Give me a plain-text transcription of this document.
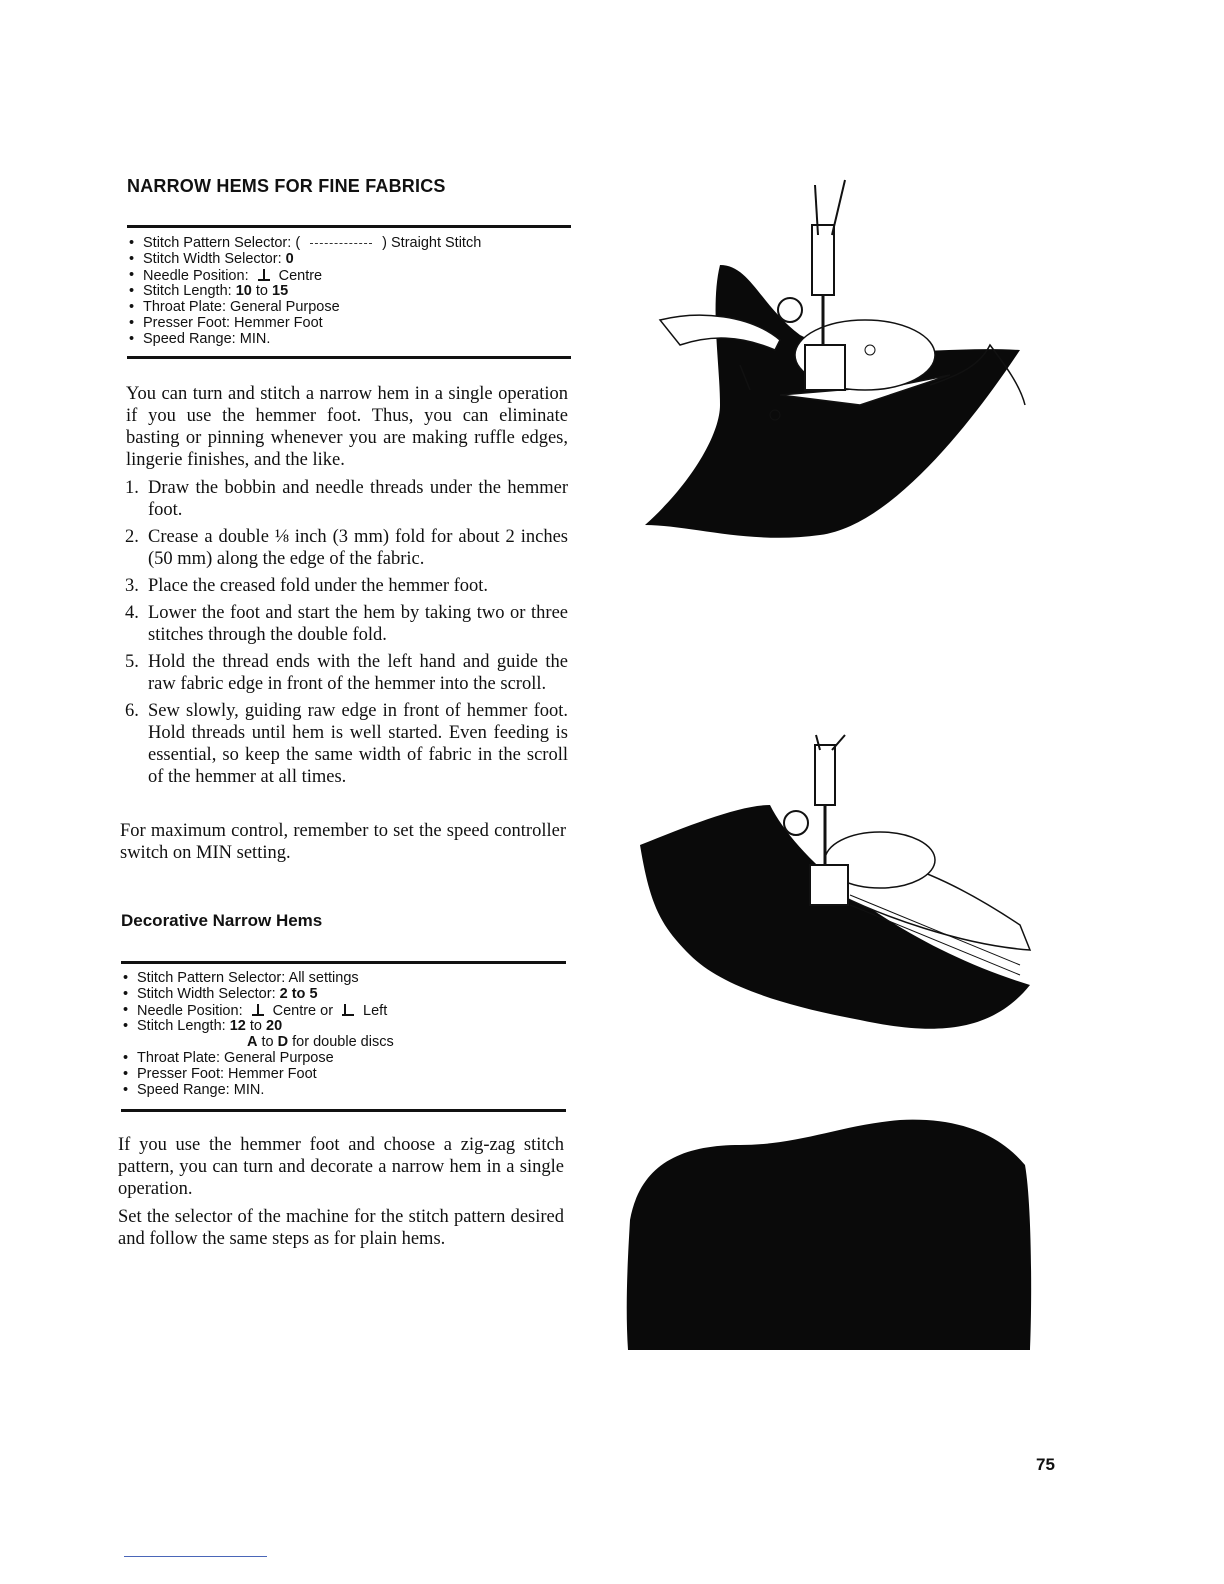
NARROW HEMS FOR FINE FABRICS
• Stitch Pattern Selector: (	) Straight Stitch
• Stitch Width Selector: 0
• Needle Position: Centre
• Stitch Length: 10 to 15
• Throat Plate: General Purpose
• Presser Foot: Hemmer Foot
• Speed Range: MIN.

You can turn and stitch a narrow hem in a single operation if you use the hemmer foot. Thus, you can eliminate basting or pinning whenever you are making ruffle edges, lingerie finishes, and the like.

1. Draw the bobbin and needle threads under the hemmer foot.
2. Crease a double ⅛ inch (3 mm) fold for about 2 inches (50 mm) along the edge of the fabric.
3. Place the creased fold under the hemmer foot.
4. Lower the foot and start the hem by taking two or three stitches through the double fold.
5. Hold the thread ends with the left hand and guide the raw fabric edge in front of the hemmer into the scroll.
6. Sew slowly, guiding raw edge in front of hemmer foot. Hold threads until hem is well started. Even feeding is essential, so keep the same width of fabric in the scroll of the hemmer at all times.

For maximum control, remember to set the speed controller switch on MIN setting.

Decorative Narrow Hems
• Stitch Pattern Selector: All settings
• Stitch Width Selector: 2 to 5
• Needle Position: Centre or Left
• Stitch Length: 12 to 20
A to D for double discs
• Throat Plate: General Purpose
• Presser Foot: Hemmer Foot
• Speed Range: MIN.

If you use the hemmer foot and choose a zig-zag stitch pattern, you can turn and decorate a narrow hem in a single operation.

Set the selector of the machine for the stitch pattern desired and follow the same steps as for plain hems.

75
